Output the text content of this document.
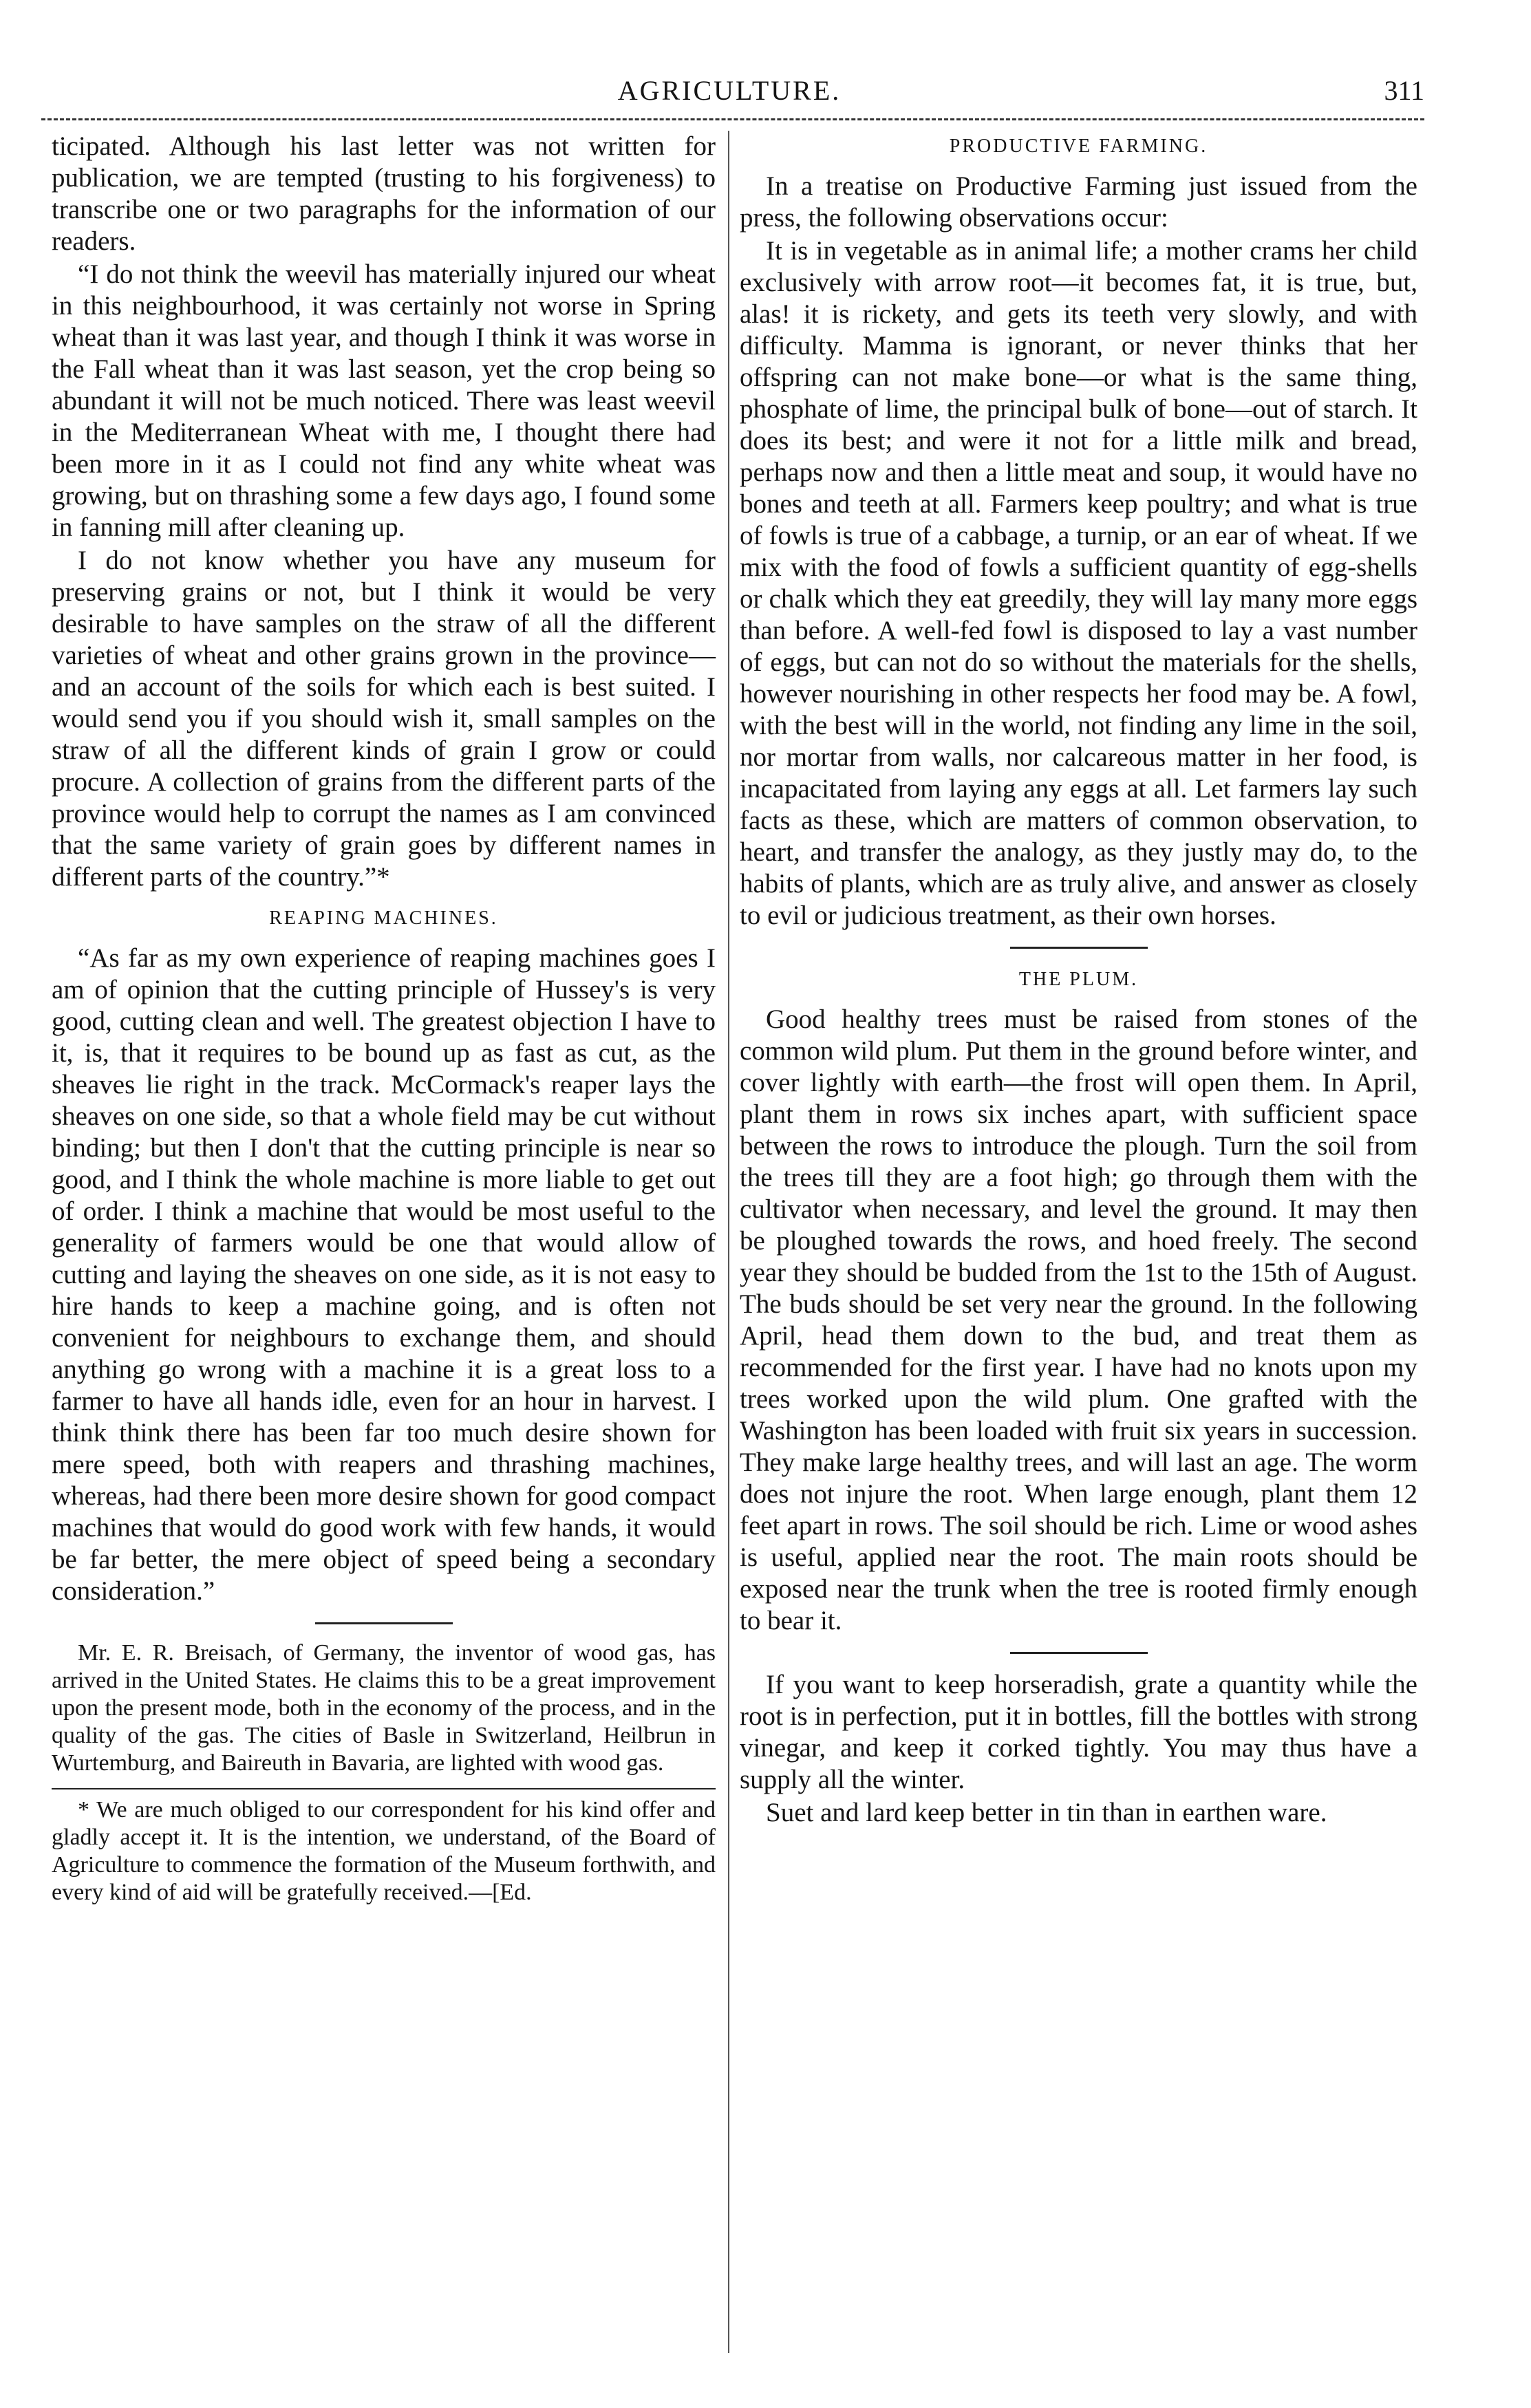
AGRICULTURE.	311

ticipated. Although his last letter was not written for publication, we are tempted (trusting to his forgiveness) to transcribe one or two paragraphs for the information of our readers.

“I do not think the weevil has materially injured our wheat in this neighbourhood, it was certainly not worse in Spring wheat than it was last year, and though I think it was worse in the Fall wheat than it was last season, yet the crop being so abundant it will not be much noticed. There was least weevil in the Mediterranean Wheat with me, I thought there had been more in it as I could not find any white wheat was growing, but on thrashing some a few days ago, I found some in fanning mill after cleaning up.

I do not know whether you have any museum for preserving grains or not, but I think it would be very desirable to have samples on the straw of all the different varieties of wheat and other grains grown in the province—and an account of the soils for which each is best suited. I would send you if you should wish it, small samples on the straw of all the different kinds of grain I grow or could procure. A collection of grains from the different parts of the province would help to corrupt the names as I am convinced that the same variety of grain goes by different names in different parts of the country.”*

REAPING MACHINES.

“As far as my own experience of reaping machines goes I am of opinion that the cutting principle of Hussey's is very good, cutting clean and well. The greatest objection I have to it, is, that it requires to be bound up as fast as cut, as the sheaves lie right in the track. McCormack's reaper lays the sheaves on one side, so that a whole field may be cut without binding; but then I don't that the cutting principle is near so good, and I think the whole machine is more liable to get out of order. I think a machine that would be most useful to the generality of farmers would be one that would allow of cutting and laying the sheaves on one side, as it is not easy to hire hands to keep a machine going, and is often not convenient for neighbours to exchange them, and should anything go wrong with a machine it is a great loss to a farmer to have all hands idle, even for an hour in harvest. I think think there has been far too much desire shown for mere speed, both with reapers and thrashing machines, whereas, had there been more desire shown for good compact machines that would do good work with few hands, it would be far better, the mere object of speed being a secondary consideration.”

Mr. E. R. Breisach, of Germany, the inventor of wood gas, has arrived in the United States. He claims this to be a great improvement upon the present mode, both in the economy of the process, and in the quality of the gas. The cities of Basle in Switzerland, Heilbrun in Wurtemburg, and Baireuth in Bavaria, are lighted with wood gas.

* We are much obliged to our correspondent for his kind offer and gladly accept it. It is the intention, we understand, of the Board of Agriculture to commence the formation of the Museum forthwith, and every kind of aid will be gratefully received.—[Ed.

PRODUCTIVE FARMING.

In a treatise on Productive Farming just issued from the press, the following observations occur:

It is in vegetable as in animal life; a mother crams her child exclusively with arrow root—it becomes fat, it is true, but, alas! it is rickety, and gets its teeth very slowly, and with difficulty. Mamma is ignorant, or never thinks that her offspring can not make bone—or what is the same thing, phosphate of lime, the principal bulk of bone—out of starch. It does its best; and were it not for a little milk and bread, perhaps now and then a little meat and soup, it would have no bones and teeth at all. Farmers keep poultry; and what is true of fowls is true of a cabbage, a turnip, or an ear of wheat. If we mix with the food of fowls a sufficient quantity of egg-shells or chalk which they eat greedily, they will lay many more eggs than before. A well-fed fowl is disposed to lay a vast number of eggs, but can not do so without the materials for the shells, however nourishing in other respects her food may be. A fowl, with the best will in the world, not finding any lime in the soil, nor mortar from walls, nor calcareous matter in her food, is incapacitated from laying any eggs at all. Let farmers lay such facts as these, which are matters of common observation, to heart, and transfer the analogy, as they justly may do, to the habits of plants, which are as truly alive, and answer as closely to evil or judicious treatment, as their own horses.

THE PLUM.

Good healthy trees must be raised from stones of the common wild plum. Put them in the ground before winter, and cover lightly with earth—the frost will open them. In April, plant them in rows six inches apart, with sufficient space between the rows to introduce the plough. Turn the soil from the trees till they are a foot high; go through them with the cultivator when necessary, and level the ground. It may then be ploughed towards the rows, and hoed freely. The second year they should be budded from the 1st to the 15th of August. The buds should be set very near the ground. In the following April, head them down to the bud, and treat them as recommended for the first year. I have had no knots upon my trees worked upon the wild plum. One grafted with the Washington has been loaded with fruit six years in succession. They make large healthy trees, and will last an age. The worm does not injure the root. When large enough, plant them 12 feet apart in rows. The soil should be rich. Lime or wood ashes is useful, applied near the root. The main roots should be exposed near the trunk when the tree is rooted firmly enough to bear it.

If you want to keep horseradish, grate a quantity while the root is in perfection, put it in bottles, fill the bottles with strong vinegar, and keep it corked tightly. You may thus have a supply all the winter.

Suet and lard keep better in tin than in earthen ware.
